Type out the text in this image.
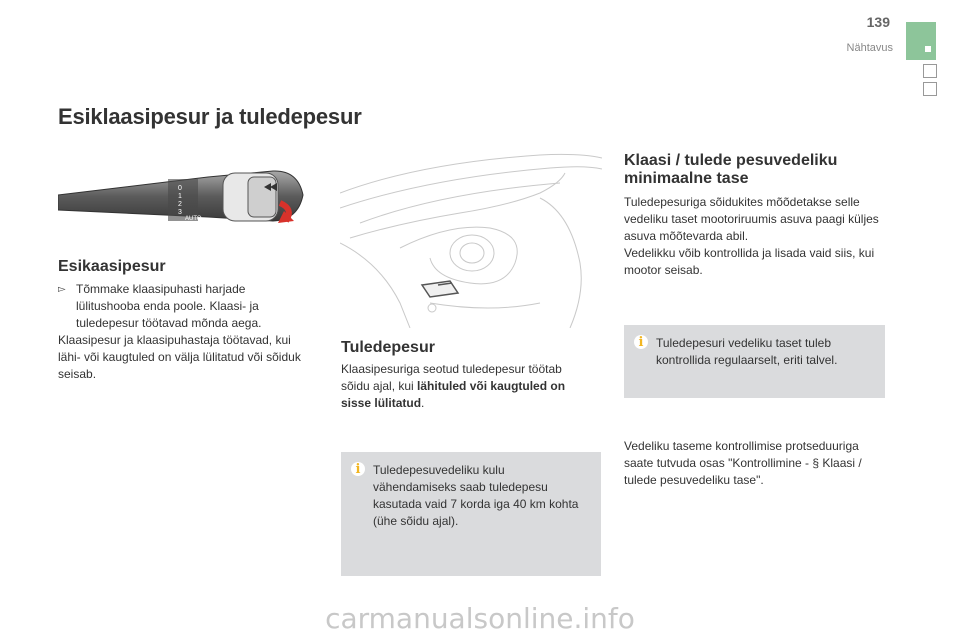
139
Nähtavus
Esiklaasipesur ja tuledepesur
0
1
2
3
AUTO
Esikaasipesur
▻ Tõmmake klaasipuhasti harjade lülitushooba enda poole. Klaasi- ja tuledepesur töötavad mõnda aega.

Klaasipesur ja klaasipuhastaja töötavad, kui lähi- või kaugtuled on välja lülitatud või sõiduk seisab.

Tuledepesur

Klaasipesuriga seotud tuledepesur töötab sõidu ajal, kui lähituled või kaugtuled on sisse lülitatud.

i
Tuledepesuvedeliku kulu vähendamiseks saab tuledepesu kasutada vaid 7 korda iga 40 km kohta (ühe sõidu ajal).
Klaasi / tulede pesuvedeliku
minimaalne tase

Tuledepesuriga sõidukites mõõdetakse selle vedeliku taset mootoriruumis asuva paagi küljes asuva mõõtevarda abil.

Vedelikku võib kontrollida ja lisada vaid siis, kui mootor seisab.

i
Tuledepesuri vedeliku taset tuleb kontrollida regulaarselt, eriti talvel.

Vedeliku taseme kontrollimise protseduuriga saate tutvuda osas "Kontrollimine - § Klaasi / tulede pesuvedeliku tase".

carmanualsonline.info
